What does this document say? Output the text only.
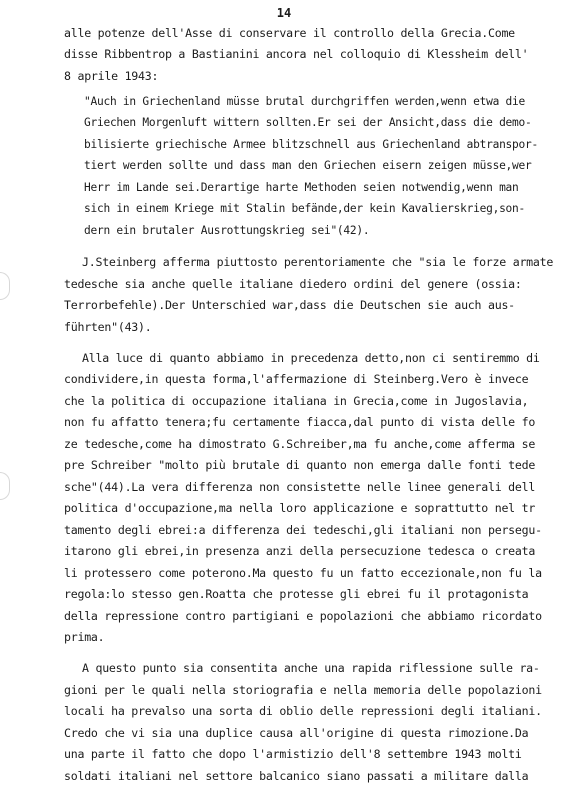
14
alle potenze dell'Asse di conservare il controllo della Grecia.Come
disse Ribbentrop a Bastianini ancora nel colloquio di Klessheim dell'
8 aprile 1943:
"Auch in Griechenland müsse brutal durchgriffen werden,wenn etwa die
Griechen Morgenluft wittern sollten.Er sei der Ansicht,dass die demo-
bilisierte griechische Armee blitzschnell aus Griechenland abtranspor-
tiert werden sollte und dass man den Griechen eisern zeigen müsse,wer
Herr im Lande sei.Derartige harte Methoden seien notwendig,wenn man
sich in einem Kriege mit Stalin befände,der kein Kavalierskrieg,son-
dern ein brutaler Ausrottungskrieg sei"(42).
J.Steinberg afferma piuttosto perentoriamente che "sia le forze armate
tedesche sia anche quelle italiane diedero ordini del genere (ossia:
Terrorbefehle).Der Unterschied war,dass die Deutschen sie auch aus-
führten"(43).
Alla luce di quanto abbiamo in precedenza detto,non ci sentiremmo di
condividere,in questa forma,l'affermazione di Steinberg.Vero è invece
che la politica di occupazione italiana in Grecia,come in Jugoslavia,
non fu affatto tenera;fu certamente fiacca,dal punto di vista delle fo
ze tedesche,come ha dimostrato G.Schreiber,ma fu anche,come afferma se
pre Schreiber "molto più brutale di quanto non emerga dalle fonti tede
sche"(44).La vera differenza non consistette nelle linee generali dell
politica d'occupazione,ma nella loro applicazione e soprattutto nel tr
tamento degli ebrei:a differenza dei tedeschi,gli italiani non persegu-
itarono gli ebrei,in presenza anzi della persecuzione tedesca o creata
li protessero come poterono.Ma questo fu un fatto eccezionale,non fu la
regola:lo stesso gen.Roatta che protesse gli ebrei fu il protagonista
della repressione contro partigiani e popolazioni che abbiamo ricordato
prima.
A questo punto sia consentita anche una rapida riflessione sulle ra-
gioni per le quali nella storiografia e nella memoria delle popolazioni
locali ha prevalso una sorta di oblio delle repressioni degli italiani.
Credo che vi sia una duplice causa all'origine di questa rimozione.Da
una parte il fatto che dopo l'armistizio dell'8 settembre 1943 molti
soldati italiani nel settore balcanico siano passati a militare dalla
